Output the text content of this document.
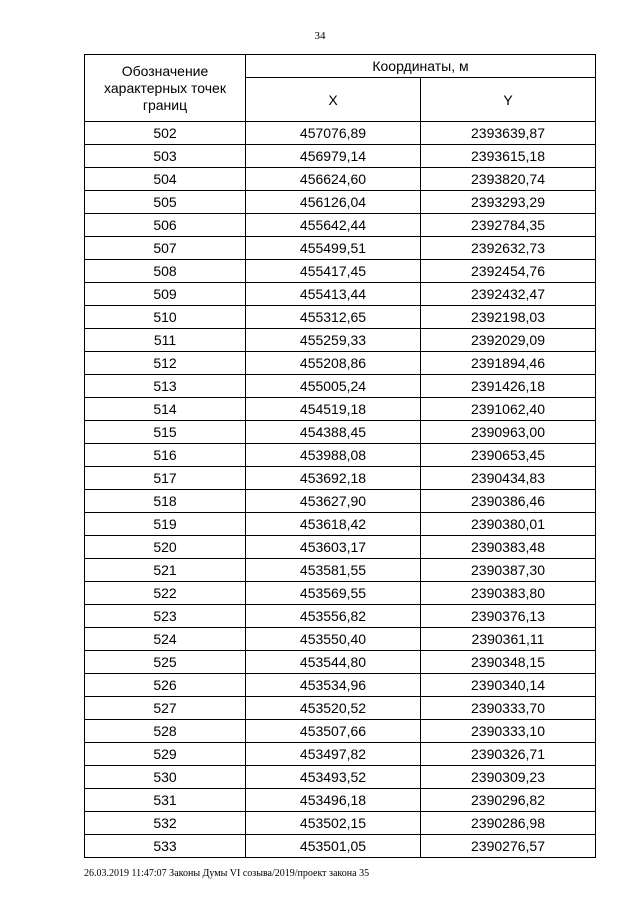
34
Обозначение характерных точек границ	Координаты, м	
	X	Y
502	457076,89	2393639,87
503	456979,14	2393615,18
504	456624,60	2393820,74
505	456126,04	2393293,29
506	455642,44	2392784,35
507	455499,51	2392632,73
508	455417,45	2392454,76
509	455413,44	2392432,47
510	455312,65	2392198,03
511	455259,33	2392029,09
512	455208,86	2391894,46
513	455005,24	2391426,18
514	454519,18	2391062,40
515	454388,45	2390963,00
516	453988,08	2390653,45
517	453692,18	2390434,83
518	453627,90	2390386,46
519	453618,42	2390380,01
520	453603,17	2390383,48
521	453581,55	2390387,30
522	453569,55	2390383,80
523	453556,82	2390376,13
524	453550,40	2390361,11
525	453544,80	2390348,15
526	453534,96	2390340,14
527	453520,52	2390333,70
528	453507,66	2390333,10
529	453497,82	2390326,71
530	453493,52	2390309,23
531	453496,18	2390296,82
532	453502,15	2390286,98
533	453501,05	2390276,57
26.03.2019 11:47:07 Законы Думы VI созыва/2019/проект закона 35
